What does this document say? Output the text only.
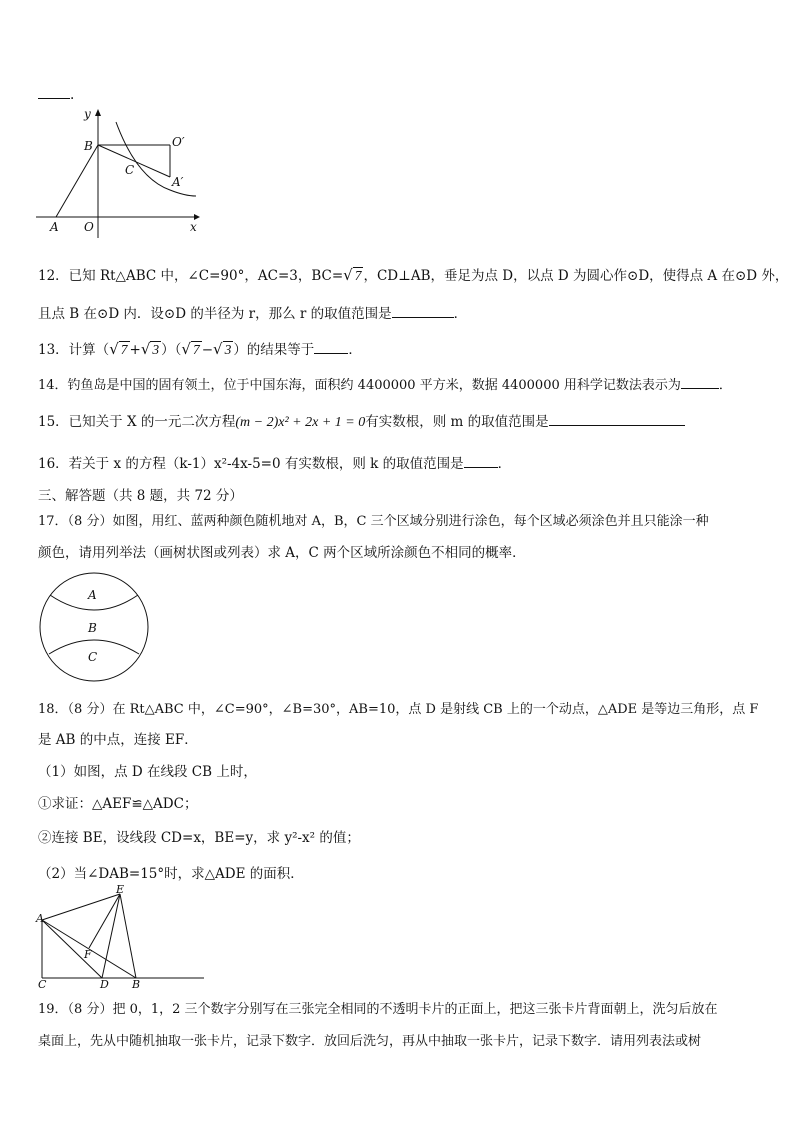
.
y
B	O′
C
A′
A O	x
12．已知 Rt△ABC 中，∠C=90°，AC=3，BC=√ 7 ，CD⊥AB，垂足为点 D，以点 D 为圆心作⊙D，使得点 A 在⊙D 外，
且点 B 在⊙D 内．设⊙D 的半径为 r，那么 r 的取值范围是	．
13．计算（√ 7 +√ 3 ）（√ 7 −√ 3 ）的结果等于	．
14．钓鱼岛是中国的固有领土，位于中国东海，面积约 4400000 平方米，数据 4400000 用科学记数法表示为	．
15．已知关于 X 的一元二次方程(m − 2)x² + 2x + 1 = 0有实数根，则 m 的取值范围是
16．若关于 x 的方程（k-1）x²-4x-5=0 有实数根，则 k 的取值范围是	．
三、解答题（共 8 题，共 72 分）
17．（8 分）如图，用红、蓝两种颜色随机地对 A，B，C 三个区域分别进行涂色，每个区域必须涂色并且只能涂一种
颜色，请用列举法（画树状图或列表）求 A，C 两个区域所涂颜色不相同的概率．
A
B
C
18．（8 分）在 Rt△ABC 中，∠C=90°，∠B=30°，AB=10，点 D 是射线 CB 上的一个动点，△ADE 是等边三角形，点 F
是 AB 的中点，连接 EF．
（1）如图，点 D 在线段 CB 上时，
①求证：△AEF≌△ADC；
②连接 BE，设线段 CD=x，BE=y，求 y²-x² 的值；
（2）当∠DAB=15°时，求△ADE 的面积．
E
A
F
C	D B
19．（8 分）把 0，1，2 三个数字分别写在三张完全相同的不透明卡片的正面上，把这三张卡片背面朝上，洗匀后放在
桌面上，先从中随机抽取一张卡片，记录下数字．放回后洗匀，再从中抽取一张卡片，记录下数字．请用列表法或树
